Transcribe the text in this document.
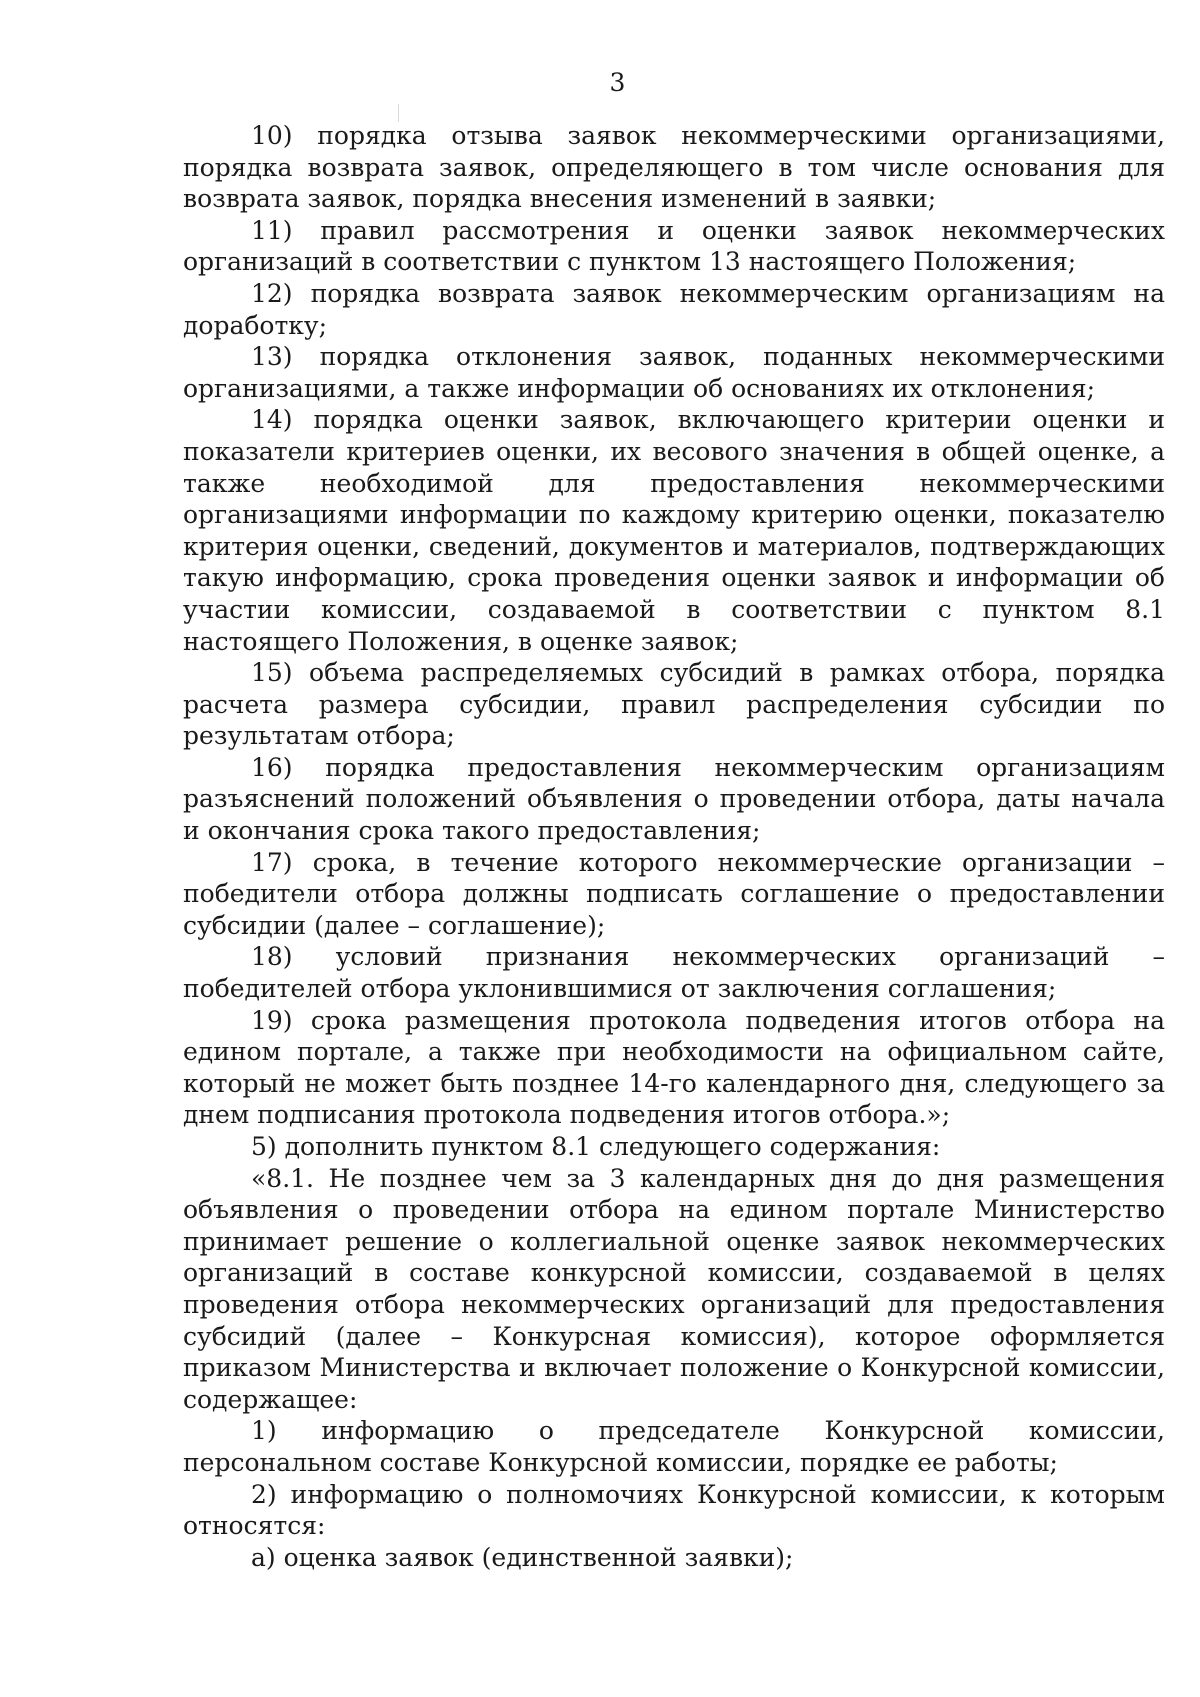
3

10) порядка отзыва заявок некоммерческими организациями, порядка возврата заявок, определяющего в том числе основания для возврата заявок, порядка внесения изменений в заявки;

11) правил рассмотрения и оценки заявок некоммерческих организаций в соответствии с пунктом 13 настоящего Положения;

12) порядка возврата заявок некоммерческим организациям на доработку;

13) порядка отклонения заявок, поданных некоммерческими организациями, а также информации об основаниях их отклонения;

14) порядка оценки заявок, включающего критерии оценки и показатели критериев оценки, их весового значения в общей оценке, а также необходимой для предоставления некоммерческими организациями информации по каждому критерию оценки, показателю критерия оценки, сведений, документов и материалов, подтверждающих такую информацию, срока проведения оценки заявок и информации об участии комиссии, создаваемой в соответствии с пунктом 8.1 настоящего Положения, в оценке заявок;

15) объема распределяемых субсидий в рамках отбора, порядка расчета размера субсидии, правил распределения субсидии по результатам отбора;

16) порядка предоставления некоммерческим организациям разъяснений положений объявления о проведении отбора, даты начала и окончания срока такого предоставления;

17) срока, в течение которого некоммерческие организации – победители отбора должны подписать соглашение о предоставлении субсидии (далее – соглашение);

18) условий признания некоммерческих организаций – победителей отбора уклонившимися от заключения соглашения;

19) срока размещения протокола подведения итогов отбора на едином портале, а также при необходимости на официальном сайте, который не может быть позднее 14-го календарного дня, следующего за днем подписания протокола подведения итогов отбора.»;

5) дополнить пунктом 8.1 следующего содержания:

«8.1. Не позднее чем за 3 календарных дня до дня размещения объявления о проведении отбора на едином портале Министерство принимает решение о коллегиальной оценке заявок некоммерческих организаций в составе конкурсной комиссии, создаваемой в целях проведения отбора некоммерческих организаций для предоставления субсидий (далее – Конкурсная комиссия), которое оформляется приказом Министерства и включает положение о Конкурсной комиссии, содержащее:

1) информацию о председателе Конкурсной комиссии, персональном составе Конкурсной комиссии, порядке ее работы;

2) информацию о полномочиях Конкурсной комиссии, к которым относятся:

а) оценка заявок (единственной заявки);
